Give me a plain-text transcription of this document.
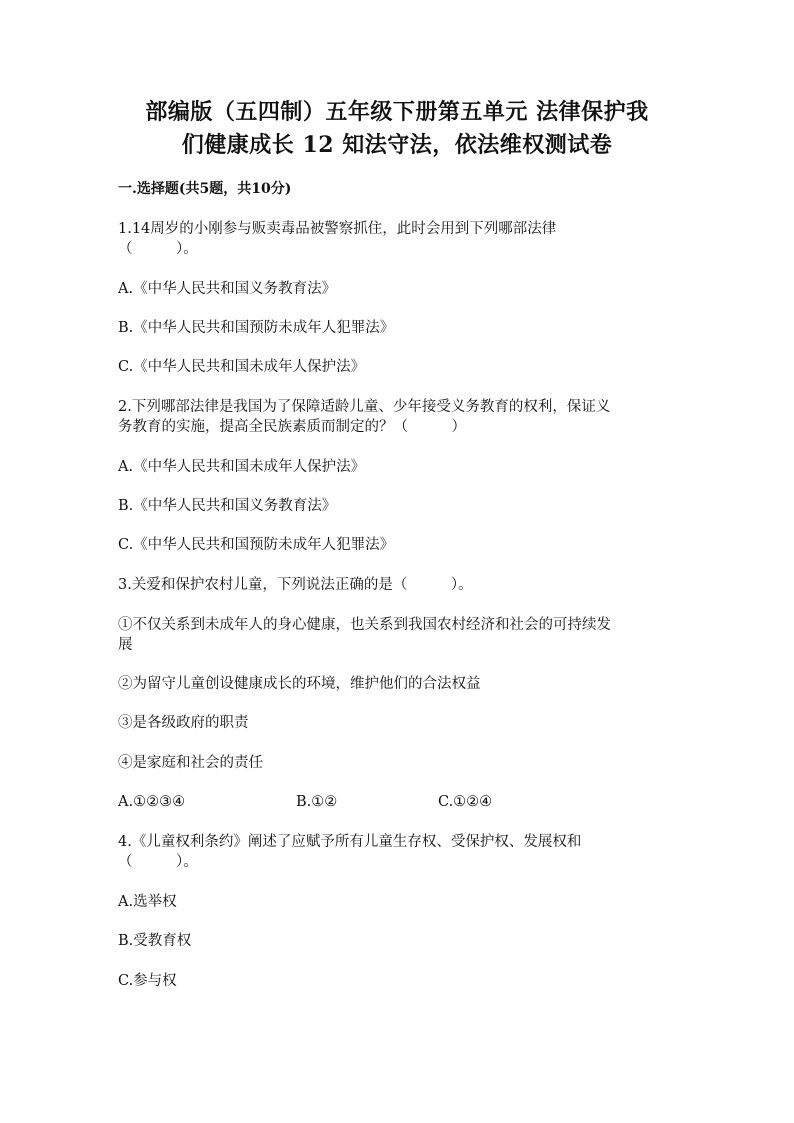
部编版（五四制）五年级下册第五单元 法律保护我
们健康成长 12 知法守法，依法维权测试卷
一.选择题(共5题，共10分)
1.14周岁的小刚参与贩卖毒品被警察抓住，此时会用到下列哪部法律
（　　　）。
A.《中华人民共和国义务教育法》
B.《中华人民共和国预防未成年人犯罪法》
C.《中华人民共和国未成年人保护法》
2.下列哪部法律是我国为了保障适龄儿童、少年接受义务教育的权利，保证义
务教育的实施，提高全民族素质而制定的？（　　　）
A.《中华人民共和国未成年人保护法》
B.《中华人民共和国义务教育法》
C.《中华人民共和国预防未成年人犯罪法》
3.关爱和保护农村儿童，下列说法正确的是（　　　）。
①不仅关系到未成年人的身心健康，也关系到我国农村经济和社会的可持续发
展
②为留守儿童创设健康成长的环境，维护他们的合法权益
③是各级政府的职责
④是家庭和社会的责任
A.①②③④	B.①②	C.①②④
4.《儿童权利条约》阐述了应赋予所有儿童生存权、受保护权、发展权和
（　　　）。
A.选举权
B.受教育权
C.参与权
